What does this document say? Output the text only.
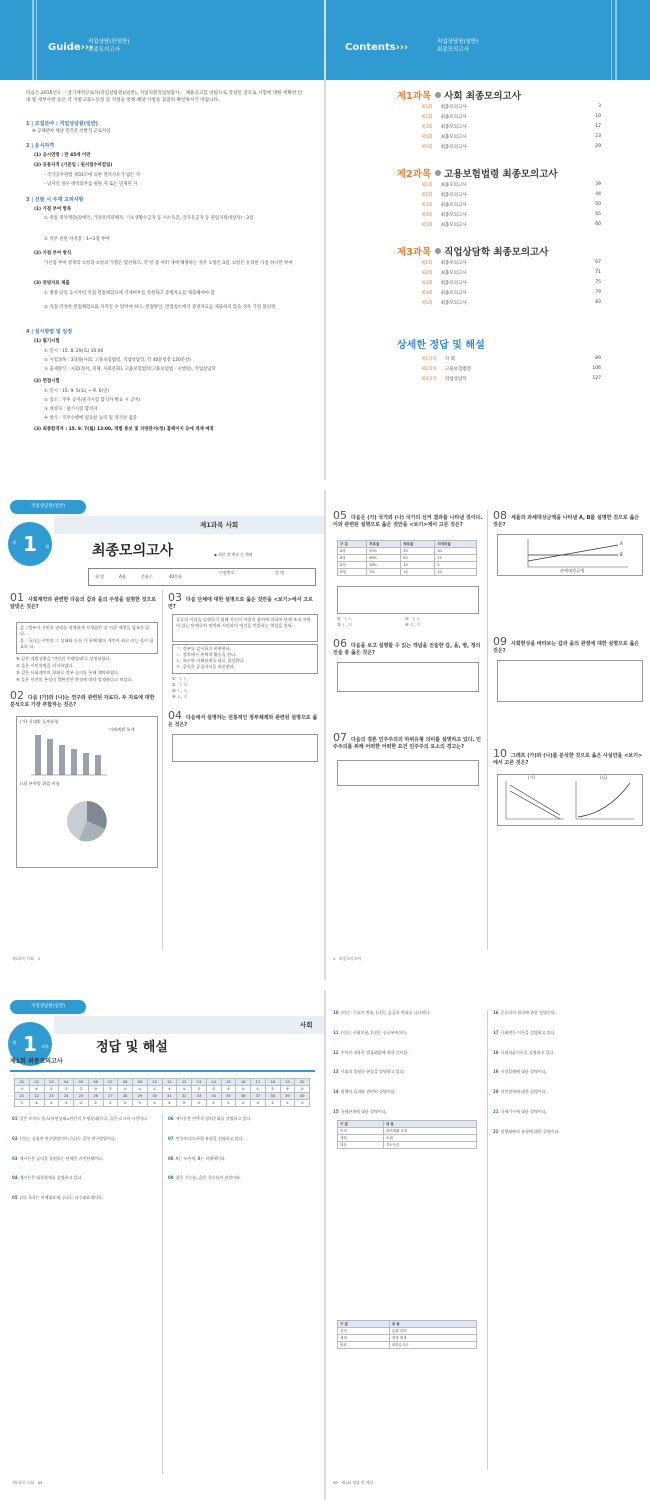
Guide›››
직업상담(단일한)
최종모의고사
다음은 2015년도 「국가계약근로자(직업상담원)(일반), 지업지원직업상담사」 채용공고를 바탕으로 작성된 것으로 시험에 대한 정확한 안내 및 세부사항 등은 각 지방고용노동청 및 지청을 통해 해당 사항을 꼼꼼히 확인하시기 바랍니다.
1 | 모집분야 : 직업상담원(일반)
※ 공채분야 채난 민간분 선발직 근로자임
2 | 응시자격
(1) 응시연령 : 만 45세 이만
(2) 공통자격 (기준일 : 원서접수마감일)
- 국가공무원법 제33조에 의한 결격사유가 없는 자
- 남자인 경우 병역의무를 필한 자 또는 면제된 자
3 | 선발 시 우대 고려사항
(1) 가점 부여 항목
① 취업 취약계층(장애인, 가정폭력피해자, 기초생활수급자 등 저소득층, 국가유공자 등 취업지원대상자) : 3점
② 직무 관련 자격증 : 1~3점 부여
(2) 가점 부여 방식
가산점 부여 항목의 ①항과 ②항의 가점은 합산하고, 각 항 중 여러 개에 해당하는 경우 ①항은 3점, ②항은 유리한 가점 하나만 부여
(3) 증빙자료 제출
① 병종 단일 응시자격 직접 면접체험표에 기재여부를 작성하고 증빙자료를 제출해야야 함
② 직접 작성한 면접체험표와 자격일 수 있어야 하고, 면접당일, 면접청소에서 증빙자료를 제출하지 않을 경우 가점 불인정
4 | 실시방법 및 일정
(1) 필기시험
① 일시 : 15. 8. 29(토) 10:00
② 시험과목 : 3과목(사회, 고용보험법령, 직업상담학, 각 40문항총 120문항)
③ 출제방식 : 사회(정치, 경제, 사회분화), 고용보험법령(고용보험법 · 시행령), 직업상담학
(2) 면접시험
① 일시 : 15. 9. 5(토) ~ 9. 6(일)
② 장소 : 추후 공지(필기시험 합격자 발표 시 공지)
③ 대상자 : 필기시험 합격자
④ 방식 : 직무수행에 필요한 능력 및 적격성 검증
(3) 최종합격자 : 15. 9. 7(월) 12:00, 개별 통보 및 지방관서(청) 홈페이지 등에 게재 예정
Contents›››	직업상담원(일반)
최종모의고사
제1과목 사회 최종모의고사
제1회 최종모의고사	3
제2회 최종모의고사	10
제3회 최종모의고사	17
제4회 최종모의고사	23
제5회 최종모의고사	29
제2과목 고용보험법령 최종모의고사
제1회 최종모의고사	39
제2회 최종모의고사	44
제3회 최종모의고사	50
제4회 최종모의고사	55
제5회 최종모의고사	60
제3과목 직업상담학 최종모의고사
제1회 최종모의고사	67
제2회 최종모의고사	71
제3회 최종모의고사	75
제4회 최종모의고사	79
제5회 최종모의고사	83
상세한 정답 및 해설
제1과목 사 회	89
제2과목 고용보험법령	106
제3과목 직업상담학	127
직업상담원(일반)
제1과목 사회
제 1 회	최종모의고사	◆ 제한 및 배점 등 제에
형 별	A형	문항수	40문항
수험번호	성 명
01 사회계약과 관련한 다음의 갑과 을의 주장을 설명한 것으로 알맞은 것은?
갑 : 정부가 시민의 권리를 적정하게 사정함은 각 이상 재정을 필요가 있다.
을 : 국가는 시민의 그 상태와 동등 가 통해 맺어 개인이 최고 이는 목이 필요하 다.
① 갑은 개별상황을 '만인의 투쟁상태'로 상정하였다.
② 을은 시민혁명을 지지하였다.
③ 갑은 사회계약의 형태로 정부 동의를 통해 계약하였다.
④ 을은 인간의 본성이 불완전한 환경에 따라 발생한다고 보았다.
02 다음 (가)와 (나)는 연구와 관련된 자료다. 두 자료에 대한 분석으로 가장 부합하는 것은?
(가) 시대별 동계유형
미래계획 통계
(나) 분야별 취업 비율
03 다음 단체에 대한 설명으로 옳은 것만을 <보기>에서 고르면?
공공의 이익을 실현하기 위해 사인의 자발적 참여에 의하여 단체 조직 자원이 있는 단체로써 정치와 시민과의 여건을 연결하는 역할을 한다.
ㄱ. 정부를 감시하고 비판한다.
ㄴ. 정치에서 주체적 활동을 한다.
ㄷ. 특수한 이해관계를 따로 결성한다.
ㄹ. 공익은 공공이익을 보존한다.
① ㄱ, ㄴ
② ㄱ, ㄷ
③ ㄴ, ㄷ
④ ㄷ, ㄹ
04 다음에서 설명하는 전통적인 정부체계와 관련된 설명으로 옳은 것은?
제1과목 사회 3
05 다음은 (가) 국가와 (나) 국가의 선거 결과를 나타낸 것이다. 이와 관련된 설명으로 옳은 것만을 <보기>에서 고른 것은?
구 분	투표율	득표율	의석비율
A당	53%	50	50
B당	30%	20	15
C당	10%	10	5
D당	7%	10	10
① ㄱ, ㄴ	② ㄱ, ㄷ
③ ㄴ, ㄹ	④ ㄷ, ㄹ
06 다음을 보고 설명할 수 있는 개념을 진술한 갑, 을, 병, 정의 진술 중 옳은 것은?
07 다음의 결론 민주주의의 하위유형 의미를 설명하고 있다. 민주주의를 위해 어떠한 어떠한 요건 민주주의 요소의 경고는?
08 세율과 과세대상금액을 나타낸 A, B를 설명한 것으로 옳은 것은?
A
B
과세대상금액
09 사회현상을 바라보는 갑과 을의 관점에 대한 설명으로 옳은 것은?
10 그래프 (가)와 (나)를 분석한 것으로 옳은 사실만을 <보기>에서 고른 것은?
(가)	(나)
4 최종모의고사
직업상담원(일반)
사회
제 1 과목	정답 및 해설
제1회 최종모의고사
01	02	03	04	05	06	07	08	09	10	11	12	13	14	15	16	17	18	19	20
③	④	①	②	②	③	②	④	④	①	③	④	②	②	③	④	①	②	③	④
21	22	23	24	25	26	27	28	29	30	31	32	33	34	35	36	37	38	39	40
②	④	①	③	③	②	①	④	③	①	④	②	③	①	①	④	③	②	①	③
01 갑은 토마스 홉스(자연상태=만인의 투쟁상태)이고, 을은 로크의 사상이다.
02 (가)는 실험적 연구방법이며, (나)는 질적 연구방법이다.
03 제시문은 공익을 실현하는 단체인 시민단체이다.
04 제시문은 대통령제를 설명하고 있다.
05 (가) 국가는 비례대표제, (나)는 다수대표제이다.
06 제시문은 민주적 정치문화를 설명하고 있다.
07 민주주의의 하위 유형을 설명하고 있다.
08 A는 누진세, B는 비례세이다.
09 갑은 기능론, 을은 갈등론의 관점이다.
제1과목 사회 89
10 (가)는 수요의 변화, (나)는 공급의 변화를 나타낸다.
11 (가)는 사회보험, (나)는 공공부조이다.
12 주어진 내용은 법률행위에 관한 것이다.
13 사회적 불평등 현상을 설명하고 있다.
14 정책의 효과와 관련된 설명이다.
15 국제관계에 대한 설명이다.
16 근로자의 권리에 관한 설명이다.
17 사회변동 이론을 설명하고 있다.
18 사회학습이론을 설명하고 있다.
19 시장실패에 대한 설명이다.
20 시민참여에 대한 설명이다.
21 국제기구에 대한 설명이다.
22 헌법재판의 유형에 대한 설명이다.
구 분	내 용
목적	최저생활 보장
재원	조세
대상	저소득층
구 분	내 용
결의	총회 결의
제재	경제 제재
평화	평화유지군
90 제1회 정답 및 해설
